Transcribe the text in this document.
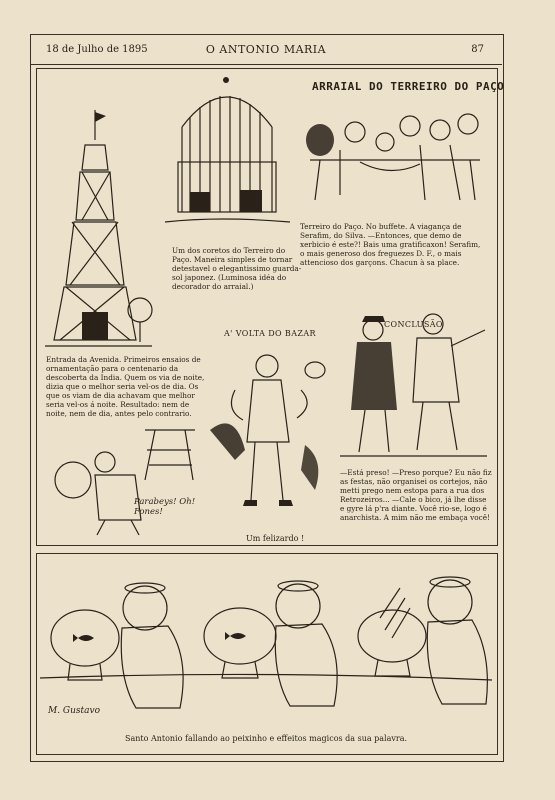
18 de Julho de 1895	O ANTONIO MARIA	87
ARRAIAL DO TERREIRO DO PAÇO
Um dos coretos do Terreiro do Paço. Maneira simples de tornar detestavel o elegantissimo guarda-sol japonez. (Luminosa idéa do decorador do arraial.)
Terreiro do Paço. No buffete. A viagança de Serafim, do Silva. —Entonces, que demo de xerbicio é este?! Bais uma gratificaxon! Serafim, o mais generoso dos freguezes D. F., o mais attencioso dos garçons. Chacun à sa place.
Entrada da Avenida. Primeiros ensaios de ornamentação para o centenario da descoberta da India. Quem os via de noite, dizia que o melhor seria vel-os de dia. Os que os viam de dia achavam que melhor seria vel-os á noite. Resultado: nem de noite, nem de dia, antes pelo contrario.
A' VOLTA DO BAZAR
CONCLUSÃO
—Está preso! —Preso porque? Eu não fiz as festas, não organisei os cortejos, não metti prego nem estopa para a rua dos Retrozeiros... —Cale o bico, já lhe disse e gyre lá p'ra diante. Você rio-se, logo é anarchista. A mim não me embaça você!
Um felizardo !
Parabeys! Oh! Fones!
M. Gustavo
Santo Antonio fallando ao peixinho e effeitos magicos da sua palavra.
